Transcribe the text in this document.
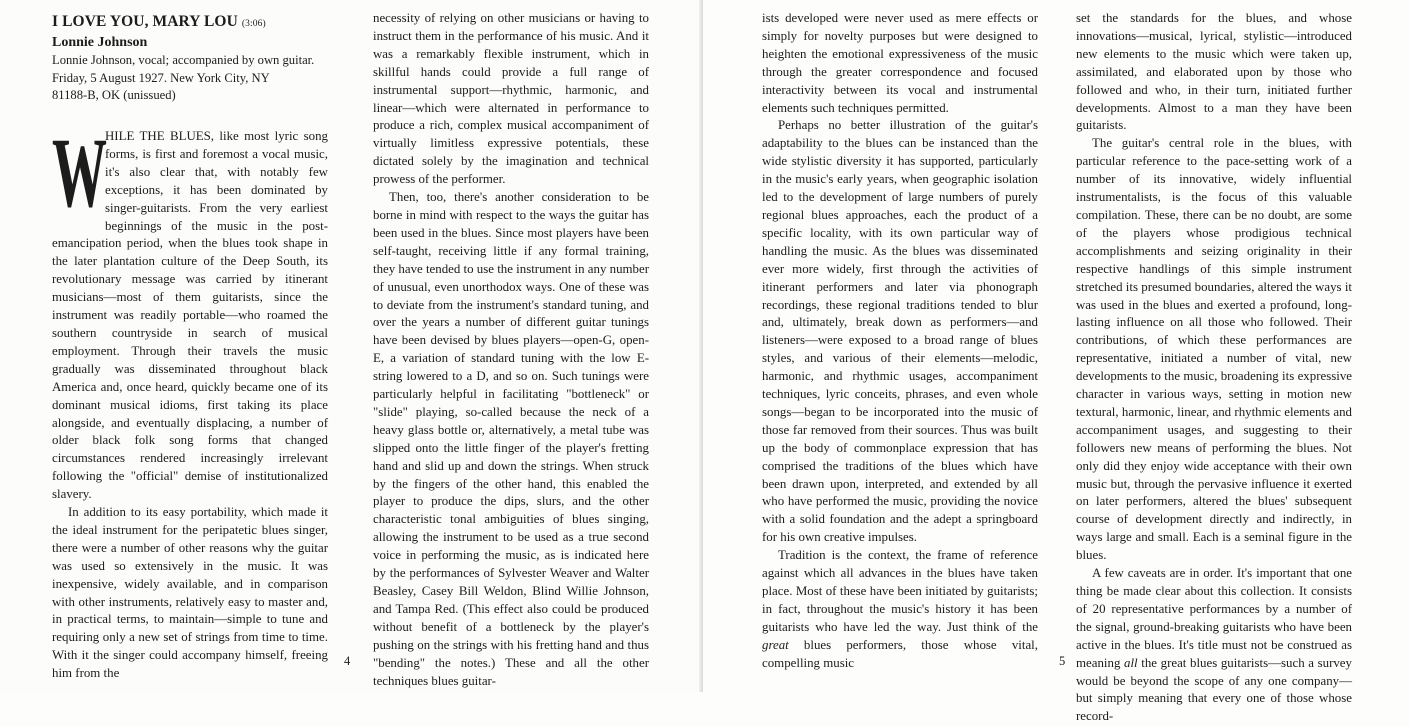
I LOVE YOU, MARY LOU (3:06)
Lonnie Johnson
Lonnie Johnson, vocal; accompanied by own guitar.
Friday, 5 August 1927. New York City, NY
81188-B, OK (unissued)

WHILE THE BLUES, like most lyric song forms, is first and foremost a vocal music, it's also clear that, with notably few exceptions, it has been dominated by singer-guitarists. From the very earliest beginnings of the music in the post-emancipation period, when the blues took shape in the later plantation culture of the Deep South, its revolutionary message was carried by itinerant musicians—most of them guitarists, since the instrument was readily portable—who roamed the southern countryside in search of musical employment. Through their travels the music gradually was disseminated throughout black America and, once heard, quickly became one of its dominant musical idioms, first taking its place alongside, and eventually displacing, a number of older black folk song forms that changed circumstances rendered increasingly irrelevant following the "official" demise of institutionalized slavery.

In addition to its easy portability, which made it the ideal instrument for the peripatetic blues singer, there were a number of other reasons why the guitar was used so extensively in the music. It was inexpensive, widely available, and in comparison with other instruments, relatively easy to master and, in practical terms, to maintain—simple to tune and requiring only a new set of strings from time to time. With it the singer could accompany himself, freeing him from the

necessity of relying on other musicians or having to instruct them in the performance of his music. And it was a remarkably flexible instrument, which in skillful hands could provide a full range of instrumental support—rhythmic, harmonic, and linear—which were alternated in performance to produce a rich, complex musical accompaniment of virtually limitless expressive potentials, these dictated solely by the imagination and technical prowess of the performer.

Then, too, there's another consideration to be borne in mind with respect to the ways the guitar has been used in the blues. Since most players have been self-taught, receiving little if any formal training, they have tended to use the instrument in any number of unusual, even unorthodox ways. One of these was to deviate from the instrument's standard tuning, and over the years a number of different guitar tunings have been devised by blues players—open-G, open-E, a variation of standard tuning with the low E-string lowered to a D, and so on. Such tunings were particularly helpful in facilitating "bottleneck" or "slide" playing, so-called because the neck of a heavy glass bottle or, alternatively, a metal tube was slipped onto the little finger of the player's fretting hand and slid up and down the strings. When struck by the fingers of the other hand, this enabled the player to produce the dips, slurs, and the other characteristic tonal ambiguities of blues singing, allowing the instrument to be used as a true second voice in performing the music, as is indicated here by the performances of Sylvester Weaver and Walter Beasley, Casey Bill Weldon, Blind Willie Johnson, and Tampa Red. (This effect also could be produced without benefit of a bottleneck by the player's pushing on the strings with his fretting hand and thus "bending" the notes.) These and all the other techniques blues guitar-

4

ists developed were never used as mere effects or simply for novelty purposes but were designed to heighten the emotional expressiveness of the music through the greater correspondence and focused interactivity between its vocal and instrumental elements such techniques permitted.

Perhaps no better illustration of the guitar's adaptability to the blues can be instanced than the wide stylistic diversity it has supported, particularly in the music's early years, when geographic isolation led to the development of large numbers of purely regional blues approaches, each the product of a specific locality, with its own particular way of handling the music. As the blues was disseminated ever more widely, first through the activities of itinerant performers and later via phonograph recordings, these regional traditions tended to blur and, ultimately, break down as performers—and listeners—were exposed to a broad range of blues styles, and various of their elements—melodic, harmonic, and rhythmic usages, accompaniment techniques, lyric conceits, phrases, and even whole songs—began to be incorporated into the music of those far removed from their sources. Thus was built up the body of commonplace expression that has comprised the traditions of the blues which have been drawn upon, interpreted, and extended by all who have performed the music, providing the novice with a solid foundation and the adept a springboard for his own creative impulses.

Tradition is the context, the frame of reference against which all advances in the blues have taken place. Most of these have been initiated by guitarists; in fact, throughout the music's history it has been guitarists who have led the way. Just think of the great blues performers, those whose vital, compelling music

set the standards for the blues, and whose innovations—musical, lyrical, stylistic—introduced new elements to the music which were taken up, assimilated, and elaborated upon by those who followed and who, in their turn, initiated further developments. Almost to a man they have been guitarists.

The guitar's central role in the blues, with particular reference to the pace-setting work of a number of its innovative, widely influential instrumentalists, is the focus of this valuable compilation. These, there can be no doubt, are some of the players whose prodigious technical accomplishments and seizing originality in their respective handlings of this simple instrument stretched its presumed boundaries, altered the ways it was used in the blues and exerted a profound, long-lasting influence on all those who followed. Their contributions, of which these performances are representative, initiated a number of vital, new developments to the music, broadening its expressive character in various ways, setting in motion new textural, harmonic, linear, and rhythmic elements and accompaniment usages, and suggesting to their followers new means of performing the blues. Not only did they enjoy wide acceptance with their own music but, through the pervasive influence it exerted on later performers, altered the blues' subsequent course of development directly and indirectly, in ways large and small. Each is a seminal figure in the blues.

A few caveats are in order. It's important that one thing be made clear about this collection. It consists of 20 representative performances by a number of the signal, ground-breaking guitarists who have been active in the blues. It's title must not be construed as meaning all the great blues guitarists—such a survey would be beyond the scope of any one company—but simply meaning that every one of those whose record-

5
